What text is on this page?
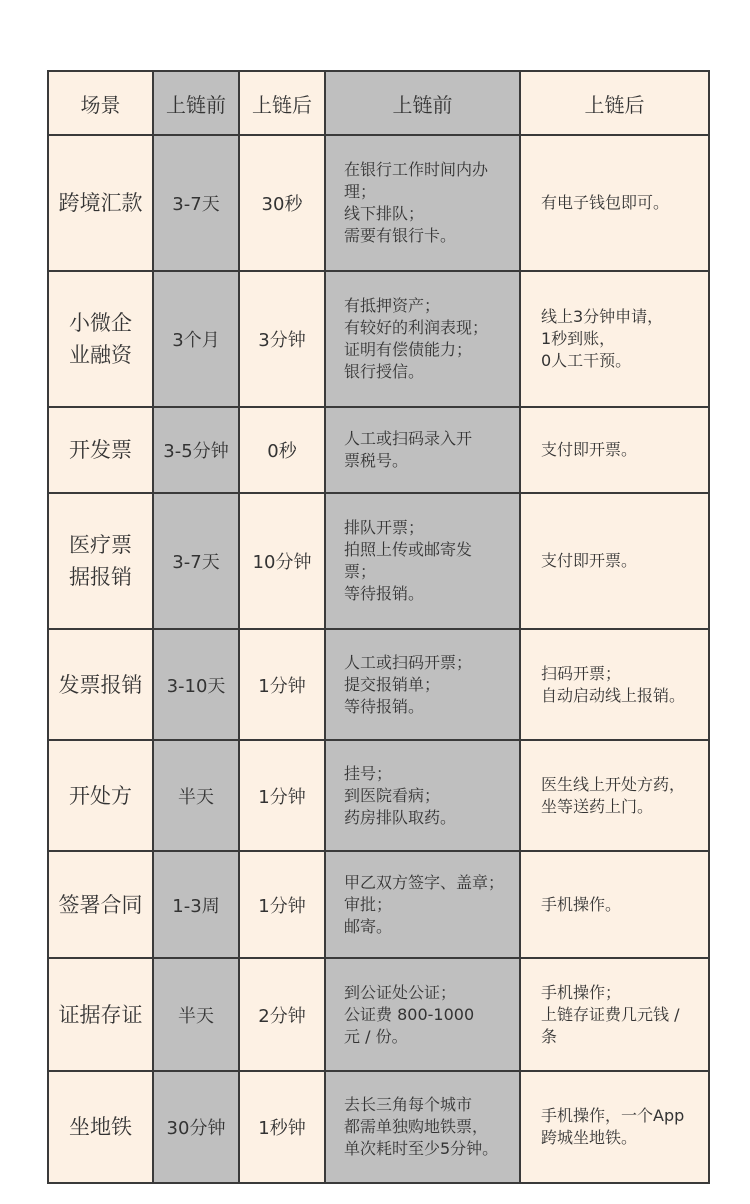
场景	上链前	上链后	上链前	上链后
跨境汇款	3-7天	30秒	在银行工作时间内办
理；
线下排队；
需要有银行卡。	有电子钱包即可。

小微企业融资	3个月	3分钟	有抵押资产；
有较好的利润表现；
证明有偿债能力；
银行授信。	线上3分钟申请，
1秒到账，
0人工干预。

开发票	3-5分钟	0秒	人工或扫码录入开
票税号。	支付即开票。

医疗票据报销	3-7天	10分钟	排队开票；
拍照上传或邮寄发
票；
等待报销。	支付即开票。

发票报销	3-10天	1分钟	人工或扫码开票；
提交报销单；
等待报销。	扫码开票；
自动启动线上报销。

开处方	半天	1分钟	挂号；
到医院看病；
药房排队取药。	医生线上开处方药，
坐等送药上门。

签署合同	1-3周	1分钟	甲乙双方签字、盖章；
审批；
邮寄。	手机操作。

证据存证	半天	2分钟	到公证处公证；
公证费 800-1000
元 / 份。	手机操作；
上链存证费几元钱 /
条

坐地铁	30分钟	1秒钟	去长三角每个城市
都需单独购地铁票，
单次耗时至少5分钟。	手机操作，一个App
跨城坐地铁。
